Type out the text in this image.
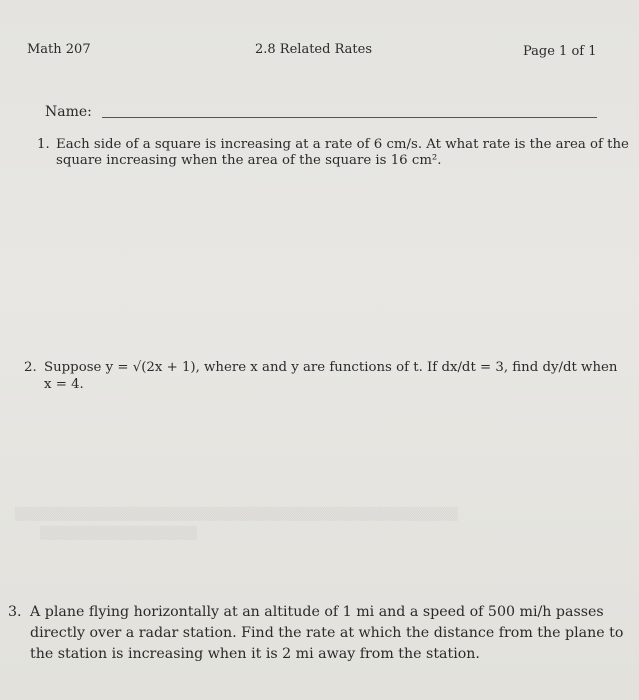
Math 207	2.8 Related Rates	Page 1 of 1
Name:
1. Each side of a square is increasing at a rate of 6 cm/s. At what rate is the area of the
square increasing when the area of the square is 16 cm².
2. Suppose y = √(2x + 1), where x and y are functions of t. If dx/dt = 3, find dy/dt when
x = 4.
▒▒▒▒▒▒▒▒▒▒▒▒▒▒▒▒▒▒▒▒▒▒▒▒▒▒▒▒▒▒▒▒▒▒▒▒▒▒▒▒▒▒▒▒▒▒▒▒
▒▒▒▒▒▒▒▒▒▒▒▒▒▒▒▒▒
3. A plane flying horizontally at an altitude of 1 mi and a speed of 500 mi/h passes
directly over a radar station. Find the rate at which the distance from the plane to
the station is increasing when it is 2 mi away from the station.
